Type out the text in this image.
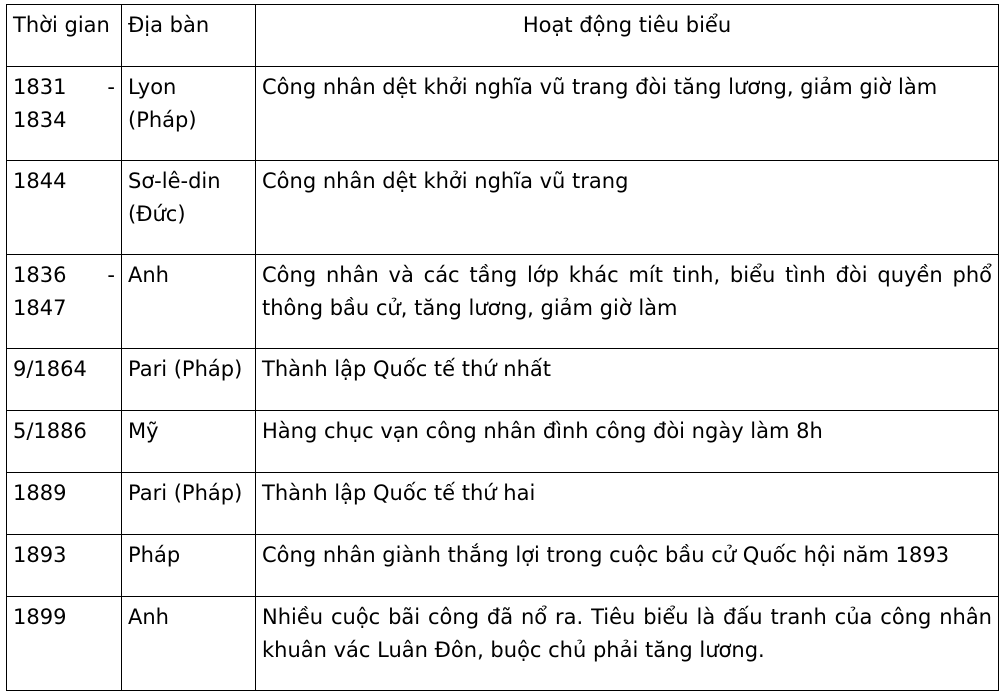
Thời gian	Địa bàn	Hoạt động tiêu biểu

1831 -
1834	Lyon (Pháp)	Công nhân dệt khởi nghĩa vũ trang đòi tăng lương, giảm giờ làm

1844	Sơ-lê-din (Đức)	Công nhân dệt khởi nghĩa vũ trang

1836 -
1847	Anh	Công nhân và các tầng lớp khác mít tinh, biểu tình đòi quyền phổ thông bầu cử, tăng lương, giảm giờ làm

9/1864	Pari (Pháp)	Thành lập Quốc tế thứ nhất

5/1886	Mỹ	Hàng chục vạn công nhân đình công đòi ngày làm 8h

1889	Pari (Pháp)	Thành lập Quốc tế thứ hai

1893	Pháp	Công nhân giành thắng lợi trong cuộc bầu cử Quốc hội năm 1893

1899	Anh	Nhiều cuộc bãi công đã nổ ra. Tiêu biểu là đấu tranh của công nhân khuân vác Luân Đôn, buộc chủ phải tăng lương.
